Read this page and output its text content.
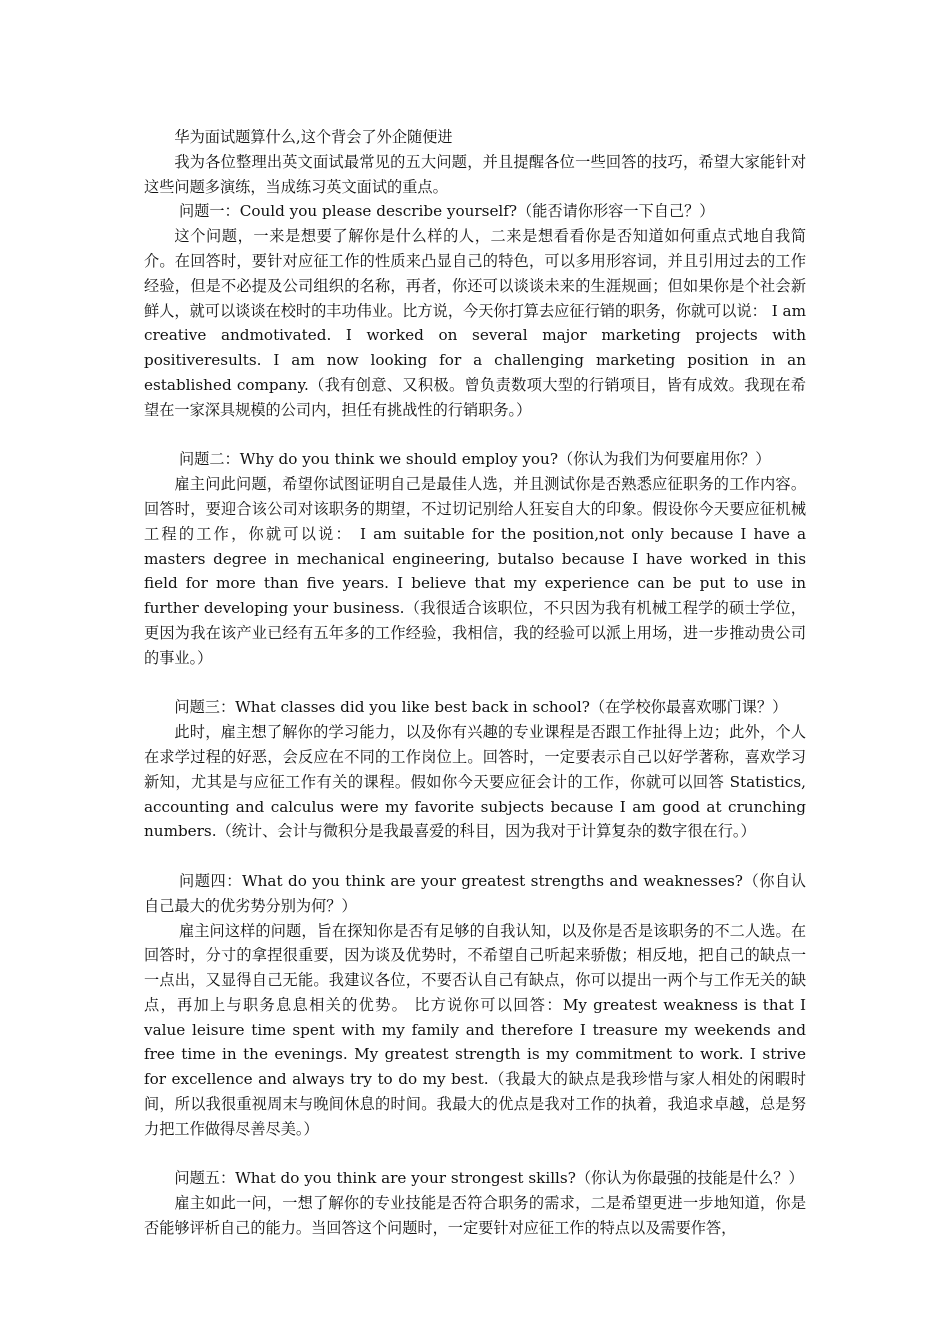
华为面试题算什么,这个背会了外企随便进

我为各位整理出英文面试最常见的五大问题，并且提醒各位一些回答的技巧，希望大家能针对这些问题多演练，当成练习英文面试的重点。

问题一：Could you please describe yourself?（能否请你形容一下自己？）

这个问题，一来是想要了解你是什么样的人，二来是想看看你是否知道如何重点式地自我简介。在回答时，要针对应征工作的性质来凸显自己的特色，可以多用形容词，并且引用过去的工作经验，但是不必提及公司组织的名称，再者，你还可以谈谈未来的生涯规画；但如果你是个社会新鲜人，就可以谈谈在校时的丰功伟业。比方说，今天你打算去应征行销的职务，你就可以说： I am creative andmotivated. I worked on several major marketing projects with positiveresults. I am now looking for a challenging marketing position in an established company.（我有创意、又积极。曾负责数项大型的行销项目，皆有成效。我现在希望在一家深具规模的公司内，担任有挑战性的行销职务。）

问题二：Why do you think we should employ you?（你认为我们为何要雇用你？）

雇主问此问题，希望你试图证明自己是最佳人选，并且测试你是否熟悉应征职务的工作内容。回答时，要迎合该公司对该职务的期望，不过切记别给人狂妄自大的印象。假设你今天要应征机械工程的工作，你就可以说： I am suitable for the position,not only because I have a masters degree in mechanical engineering, butalso because I have worked in this field for more than five years. I believe that my experience can be put to use in further developing your business.（我很适合该职位，不只因为我有机械工程学的硕士学位，更因为我在该产业已经有五年多的工作经验，我相信，我的经验可以派上用场，进一步推动贵公司的事业。）

问题三：What classes did you like best back in school?（在学校你最喜欢哪门课？）

此时，雇主想了解你的学习能力，以及你有兴趣的专业课程是否跟工作扯得上边；此外，个人在求学过程的好恶，会反应在不同的工作岗位上。回答时，一定要表示自己以好学著称，喜欢学习新知，尤其是与应征工作有关的课程。假如你今天要应征会计的工作，你就可以回答 Statistics, accounting and calculus were my favorite subjects because I am good at crunching numbers.（统计、会计与微积分是我最喜爱的科目，因为我对于计算复杂的数字很在行。）

问题四：What do you think are your greatest strengths and weaknesses?（你自认自己最大的优劣势分别为何？）

雇主问这样的问题，旨在探知你是否有足够的自我认知，以及你是否是该职务的不二人选。在回答时，分寸的拿捏很重要，因为谈及优势时，不希望自己听起来骄傲；相反地，把自己的缺点一一点出，又显得自己无能。我建议各位，不要否认自己有缺点，你可以提出一两个与工作无关的缺点，再加上与职务息息相关的优势。 比方说你可以回答：My greatest weakness is that I value leisure time spent with my family and therefore I treasure my weekends and free time in the evenings. My greatest strength is my commitment to work. I strive for excellence and always try to do my best.（我最大的缺点是我珍惜与家人相处的闲暇时间，所以我很重视周末与晚间休息的时间。我最大的优点是我对工作的执着，我追求卓越，总是努力把工作做得尽善尽美。）

问题五：What do you think are your strongest skills?（你认为你最强的技能是什么？）

雇主如此一问，一想了解你的专业技能是否符合职务的需求，二是希望更进一步地知道，你是否能够评析自己的能力。当回答这个问题时，一定要针对应征工作的特点以及需要作答，
